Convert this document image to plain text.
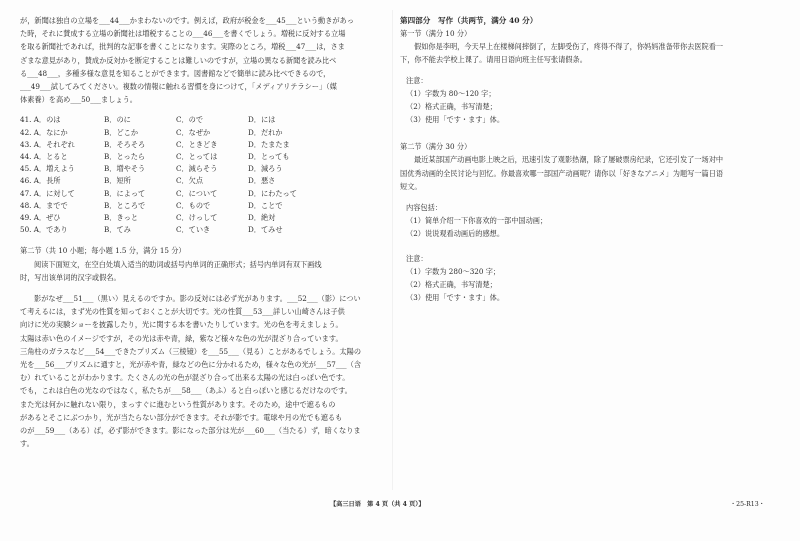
が，新聞は独自の立場を___44___かまわないのです。例えば，政府が税金を___45___という動きがあっ

た時，それに賛成する立場の新聞社は増税することの___46___を書くでしょう。増税に反対する立場

を取る新聞社であれば，批判的な記事を書くことになります。実際のところ，増税___47___は，さま

ざまな意見があり，賛成か反対かを断定することは難しいのですが，立場の異なる新聞を読み比べ

る___48___，多種多様な意見を知ることができます。図書館などで簡単に読み比べできるので，

___49___試してみてください。複数の情報に触れる習慣を身につけて，「メディアリテラシー」（媒

体素養）を高め___50___ましょう。

41. A．のは	B．のに	C．ので	D．には
42. A．なにか	B．どこか	C．なぜか	D．だれか
43. A．それぞれ	B．そろそろ	C．ときどき	D．たまたま
44. A．とると	B．とったら	C．とっては	D．とっても
45. A．増えよう	B．増やそう	C．減らそう	D．減ろう
46. A．長所	B．短所	C．欠点	D．悪さ
47. A．に対して	B．によって	C．について	D．にわたって
48. A．までで	B．ところで	C．もので	D．ことで
49. A．ぜひ	B．きっと	C．けっして	D．絶対
50. A．であり	B．てみ	C．ていき	D．てみせ

第二节（共 10 小题；每小题 1.5 分，满分 15 分）

阅读下面短文，在空白处填入适当的助词或括号内单词的正确形式；括号内单词有双下画线

时，写出该单词的汉字或假名。

影がなぜ___51___（黒い）見えるのですか。影の反対には必ず光があります。___52___（影）につい

て考えるには，まず光の性質を知っておくことが大切です。光の性質___53___詳しい山崎さんは子供

向けに光の実験ショーを披露したり，光に関する本を書いたりしています。光の色を考えましょう。

太陽は赤い色のイメージですが，その光は赤や青，緑，紫など様々な色の光が混ざり合っています。

三角柱のガラスなど___54___できたプリズム（三棱镜）を___55___（見る）ことがあるでしょう。太陽の

光を___56___プリズムに通すと，光が赤や青，緑などの色に分かれるため，様々な色の光が___57___（含

む）れていることがわかります。たくさんの光の色が混ざり合って出来る太陽の光は白っぽい色です。

でも，これは白色の光なのではなく，私たちが___58___（あふ）ると白っぽいと感じるだけなのです。

また光は何かに触れない限り，まっすぐに進むという性質があります。そのため，途中で遮るもの

があるとそこにぶつかり，光が当たらない部分ができます。それが影です。電球や月の光でも遮るも

のが___59___（ある）ば，必ず影ができます。影になった部分は光が___60___（当たる）ず，暗くなりま

す。

第四部分　写作（共两节，满分 40 分）

第一节（满分 10 分）

假如你是李明，今天早上在楼梯间摔倒了，左脚受伤了，疼得不得了，你妈妈准备带你去医院看一

下，你不能去学校上课了。请用日语向班主任写张请假条。

注意：

（1）字数为 80～120 字；

（2）格式正确，书写清楚；

（3）使用「です・ます」体。

第二节（满分 30 分）

最近某部国产动画电影上映之后，迅速引发了观影热潮，除了屡破票房纪录，它还引发了一场对中

国优秀动画的全民讨论与回忆。你最喜欢哪一部国产动画呢？请你以「好きなアニメ」为题写一篇日语

短文。

内容包括：

（1）简单介绍一下你喜欢的一部中国动画；

（2）说说观看动画后的感想。

注意：

（1）字数为 280～320 字；

（2）格式正确，书写清楚；

（3）使用「です・ます」体。

【高三日语　第 4 页（共 4 页）】	・25-R13・
